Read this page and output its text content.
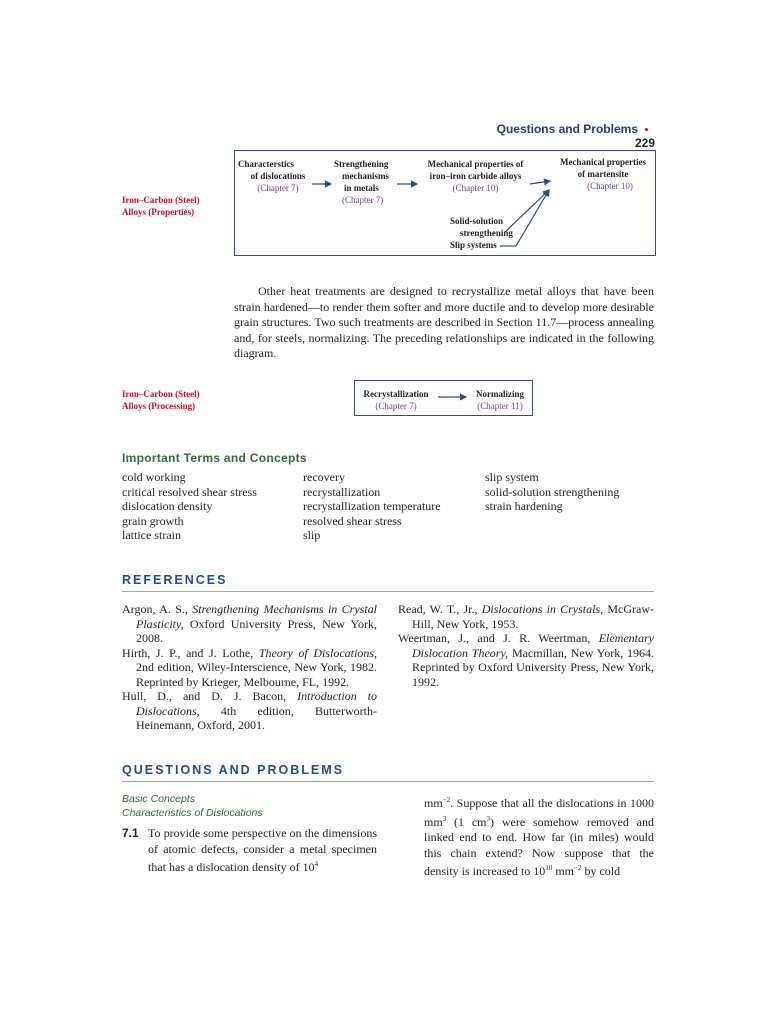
Questions and Problems229
Iron–Carbon (Steel)
Alloys (Properties)
Characterstics
of dislocations
(Chapter 7)
Strengthening
mechanisms
in metals
(Chapter 7)
Mechanical properties of
iron–iron carbide alloys
(Chapter 10)
Mechanical properties
of martensite
(Chapter 10)
Solid-solution
strengthening
Slip systems
Other heat treatments are designed to recrystallize metal alloys that have been strain hardened—to render them softer and more ductile and to develop more desirable grain structures. Two such treatments are described in Section 11.7—process annealing and, for steels, normalizing. The preceding relationships are indicated in the following diagram.
Iron–Carbon (Steel)
Alloys (Processing)
Recrystallization
(Chapter 7)
Normalizing
(Chapter 11)
Important Terms and Concepts
cold working
critical resolved shear stress
dislocation density
grain growth
lattice strain
recovery
recrystallization
recrystallization temperature
resolved shear stress
slip
slip system
solid-solution strengthening
strain hardening
REFERENCES
Argon, A. S., Strengthening Mechanisms in Crystal Plasticity, Oxford University Press, New York, 2008.
Hirth, J. P., and J. Lothe, Theory of Dislocations, 2nd edition, Wiley-Interscience, New York, 1982. Reprinted by Krieger, Melbourne, FL, 1992.
Hull, D., and D. J. Bacon, Introduction to Dislocations, 4th edition, Butterworth-Heinemann, Oxford, 2001.
Read, W. T., Jr., Dislocations in Crystals, McGraw-Hill, New York, 1953.
Weertman, J., and J. R. Weertman, Elementary Dislocation Theory, Macmillan, New York, 1964. Reprinted by Oxford University Press, New York, 1992.
QUESTIONS AND PROBLEMS
Basic Concepts
Characteristics of Dislocations
7.1 To provide some perspective on the dimensions of atomic defects, consider a metal specimen that has a dislocation density of $10^4$
$mm^{-2}$. Suppose that all the dislocations in 1000 $mm^3$ (1 $cm^3$) were somehow removed and linked end to end. How far (in miles) would this chain extend? Now suppose that the density is increased to $10^{10}$ $mm^{-2}$ by cold
